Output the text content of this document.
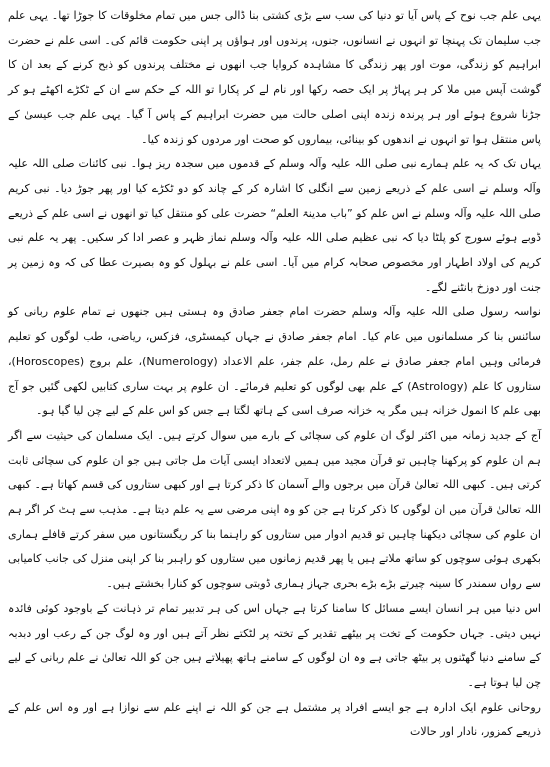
یہی علم جب نوح کے پاس آیا تو دنیا کی سب سے بڑی کشتی بنا ڈالی جس میں تمام مخلوقات کا جوڑا تھا۔ یہی علم جب سلیمان تک پہنچا تو انہوں نے انسانوں، جنوں، پرندوں اور ہواؤں پر اپنی حکومت قائم کی۔ اسی علم نے حضرت ابراہیم کو زندگی، موت اور پھر زندگی کا مشاہدہ کروایا جب انھوں نے مختلف پرندوں کو ذبح کرنے کے بعد ان کا گوشت آپس میں ملا کر ہر پہاڑ پر ایک حصہ رکھا اور نام لے کر پکارا تو اللہ کے حکم سے ان کے ٹکڑے اکھٹے ہو کر جڑنا شروع ہوئے اور ہر پرندہ زندہ اپنی اصلی حالت میں حضرت ابراہیم کے پاس آ گیا۔ یہی علم جب عیسیٰ کے پاس منتقل ہوا تو انہوں نے اندھوں کو بینائی، بیماروں کو صحت اور مردوں کو زندہ کیا۔

یہاں تک کہ یہ علم ہمارے نبی صلی اللہ علیہ وآلہ وسلم کے قدموں میں سجدہ ریز ہوا۔ نبی کائنات صلی اللہ علیہ وآلہ وسلم نے اسی علم کے ذریعے زمین سے انگلی کا اشارہ کر کے چاند کو دو ٹکڑے کیا اور پھر جوڑ دیا۔ نبی کریم صلی اللہ علیہ وآلہ وسلم نے اس علم کو ”باب مدینۃ العلم“ حضرت علی کو منتقل کیا تو انھوں نے اسی علم کے ذریعے ڈوبے ہوئے سورج کو پلٹا دیا کہ نبی عظیم صلی اللہ علیہ وآلہ وسلم نماز ظہر و عصر ادا کر سکیں۔ پھر یہ علم نبی کریم کی اولاد اطہار اور مخصوص صحابہ کرام میں آیا۔ اسی علم نے بہلول کو وہ بصیرت عطا کی کہ وہ زمین پر جنت اور دوزخ بانٹنے لگے۔

نواسہ رسول صلی اللہ علیہ وآلہ وسلم حضرت امام جعفر صادق وہ ہستی ہیں جنھوں نے تمام علوم ربانی کو سائنس بنا کر مسلمانوں میں عام کیا۔ امام جعفر صادق نے جہاں کیمسٹری، فزکس، ریاضی، طب لوگوں کو تعلیم فرمائی وہیں امام جعفر صادق نے علم رمل، علم جفر، علم الاعداد (Numerology)، علم بروج (Horoscopes)، ستاروں کا علم (Astrology) کے علم بھی لوگوں کو تعلیم فرمائے۔ ان علوم پر بہت ساری کتابیں لکھی گئیں جو آج بھی علم کا انمول خزانہ ہیں مگر یہ خزانہ صرف اسی کے ہاتھ لگتا ہے جس کو اس علم کے لیے چن لیا گیا ہو۔

آج کے جدید زمانہ میں اکثر لوگ ان علوم کی سچائی کے بارے میں سوال کرتے ہیں۔ ایک مسلمان کی حیثیت سے اگر ہم ان علوم کو پرکھنا چاہیں تو قرآن مجید میں ہمیں لاتعداد ایسی آیات مل جاتی ہیں جو ان علوم کی سچائی ثابت کرتی ہیں۔ کبھی اللہ تعالیٰ قرآن میں برجوں والے آسمان کا ذکر کرتا ہے اور کبھی ستاروں کی قسم کھاتا ہے۔ کبھی اللہ تعالیٰ قرآن میں ان لوگوں کا ذکر کرتا ہے جن کو وہ اپنی مرضی سے یہ علم دیتا ہے۔ مذہب سے ہٹ کر اگر ہم ان علوم کی سچائی دیکھنا چاہیں تو قدیم ادوار میں ستاروں کو راہنما بنا کر ریگستانوں میں سفر کرتے قافلے ہماری بکھری ہوئی سوچوں کو ساتھ ملاتے ہیں یا پھر قدیم زمانوں میں ستاروں کو راہبر بنا کر اپنی منزل کی جانب کامیابی سے رواں سمندر کا سینہ چیرتے بڑے بڑے بحری جہاز ہماری ڈوبتی سوچوں کو کنارا بخشتے ہیں۔

اس دنیا میں ہر انسان ایسے مسائل کا سامنا کرتا ہے جہاں اس کی ہر تدبیر تمام تر ذہانت کے باوجود کوئی فائدہ نہیں دیتی۔ جہاں حکومت کے تخت پر بیٹھے تقدیر کے تختہ پر لٹکتے نظر آتے ہیں اور وہ لوگ جن کے رعب اور دبدبہ کے سامنے دنیا گھٹنوں پر بیٹھ جاتی ہے وہ ان لوگوں کے سامنے ہاتھ پھیلاتے ہیں جن کو اللہ تعالیٰ نے علم ربانی کے لیے چن لیا ہوتا ہے۔

روحانی علوم ایک ادارہ ہے جو ایسے افراد پر مشتمل ہے جن کو اللہ نے اپنے علم سے نوازا ہے اور وہ اس علم کے ذریعے کمزور، نادار اور حالات
